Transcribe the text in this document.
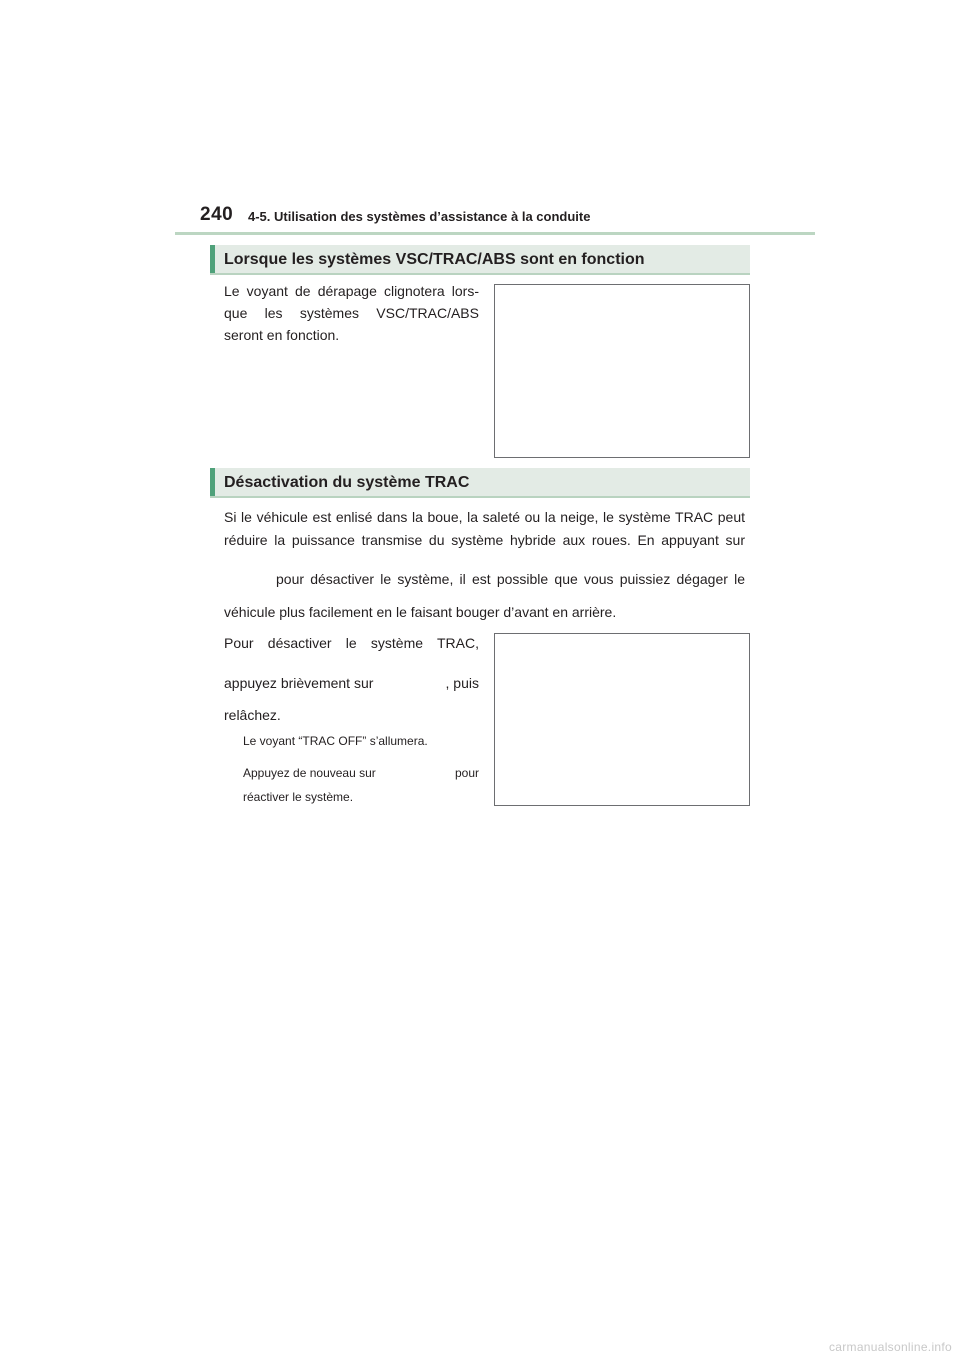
240 4-5. Utilisation des systèmes d’assistance à la conduite
Lorsque les systèmes VSC/TRAC/ABS sont en fonction
Le voyant de dérapage clignotera lors-
que les systèmes VSC/TRAC/ABS
seront en fonction.
Désactivation du système TRAC
Si le véhicule est enlisé dans la boue, la saleté ou la neige, le système TRAC peut
réduire la puissance transmise du système hybride aux roues. En appuyant sur
pour désactiver le système, il est possible que vous puissiez dégager le
véhicule plus facilement en le faisant bouger d’avant en arrière.
Pour désactiver le système TRAC,
appuyez brièvement sur	, puis
relâchez.
Le voyant “TRAC OFF” s’allumera.
Appuyez de nouveau sur	pour
réactiver le système.
carmanualsonline.info
